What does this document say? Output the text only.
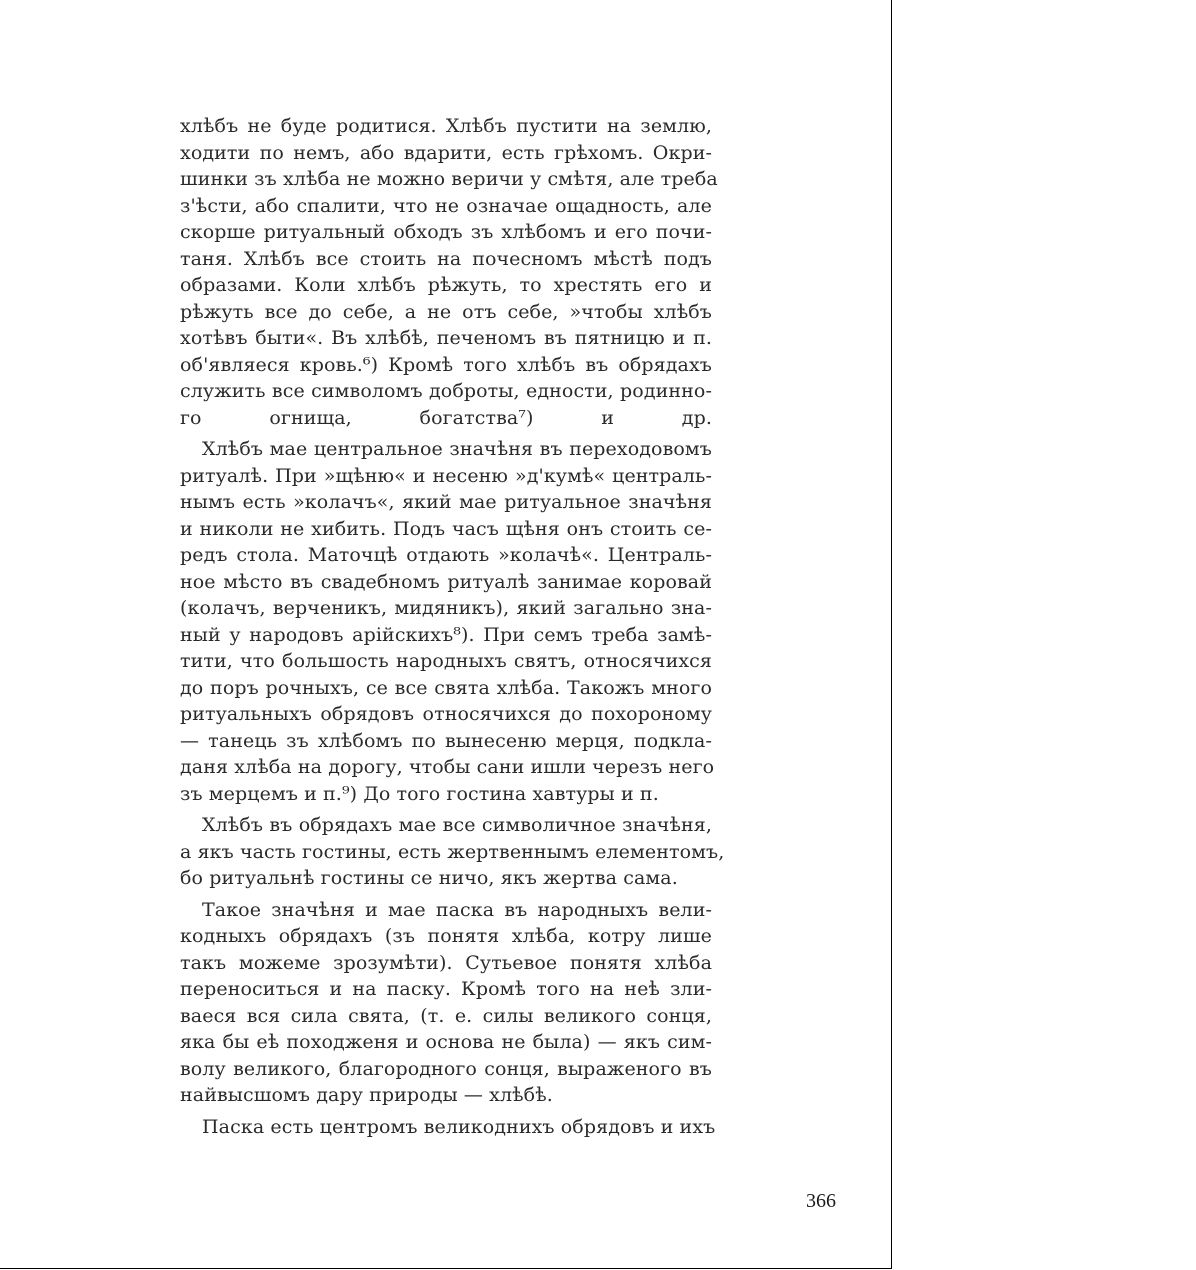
хлѣбъ не буде родитися. Хлѣбъ пустити на землю,
ходити по немъ, або вдарити, есть грѣхомъ. Окри-
шинки зъ хлѣба не можно веричи у смѣтя, але треба
з'ѣсти, або спалити, что не означае ощадность, але
скорше ритуальный обходъ зъ хлѣбомъ и его почи-
таня. Хлѣбъ все стоить на почесномъ мѣстѣ подъ
образами. Коли хлѣбъ рѣжуть, то хрестять его и
рѣжуть все до себе, а не отъ себе, »чтобы хлѣбъ
хотѣвъ быти«. Въ хлѣбѣ, печеномъ въ пятницю и п.
об'являеся кровь.⁶) Кромѣ того хлѣбъ въ обрядахъ
служить все символомъ доброты, едности, родинно-
го огнища, богатства⁷) и др.
Хлѣбъ мае центральное значѣня въ переходовомъ
ритуалѣ. При »щѣню« и несеню »д'кумѣ« централь-
нымъ есть »колачъ«, який мае ритуальное значѣня
и николи не хибить. Подъ часъ щѣня онъ стоить се-
редъ стола. Маточцѣ отдають »колачѣ«. Централь-
ное мѣсто въ свадебномъ ритуалѣ занимае коровай
(колачъ, верченикъ, мидяникъ), який загально зна-
ный у народовъ арійскихъ⁸). При семъ треба замѣ-
тити, что большость народныхъ святъ, относячихся
до поръ рочныхъ, се все свята хлѣба. Такожъ много
ритуальныхъ обрядовъ относячихся до похороному
— танець зъ хлѣбомъ по вынесеню мерця, подкла-
даня хлѣба на дорогу, чтобы сани ишли черезъ него
зъ мерцемъ и п.⁹) До того гостина хавтуры и п.
Хлѣбъ въ обрядахъ мае все символичное значѣня,
а якъ часть гостины, есть жертвеннымъ елементомъ,
бо ритуальнѣ гостины се ничо, якъ жертва сама.
Такое значѣня и мае паска въ народныхъ вели-
кодныхъ обрядахъ (зъ понятя хлѣба, котру лише
такъ можеме зрозумѣти). Сутьевое понятя хлѣба
переноситься и на паску. Кромѣ того на неѣ зли-
ваеся вся сила свята, (т. е. силы великого сонця,
яка бы еѣ походженя и основа не была) — якъ сим-
волу великого, благородного сонця, выраженого въ
найвысшомъ дару природы — хлѣбѣ.
Паска есть центромъ великоднихъ обрядовъ и ихъ
366
